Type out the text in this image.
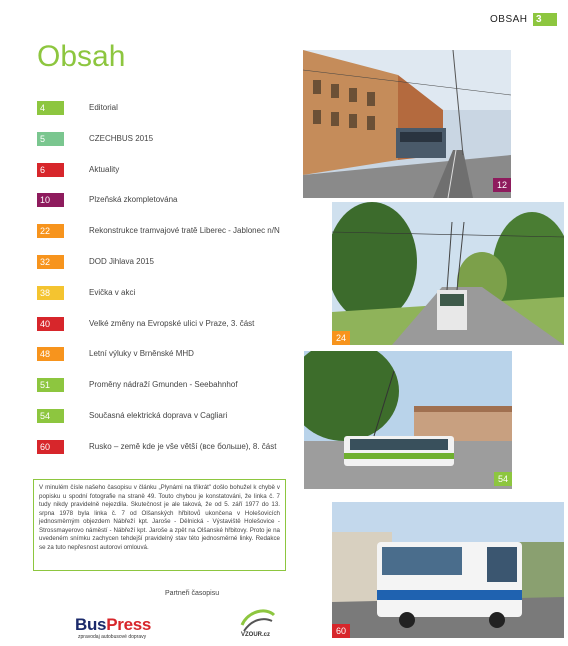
OBSAH 3
Obsah
4	Editorial
5	CZECHBUS 2015
6	Aktuality
10	Plzeňská zkompletována
22	Rekonstrukce tramvajové tratě Liberec - Jablonec n/N
32	DOD Jihlava 2015
38	Evička v akci
40	Velké změny na Evropské ulici v Praze, 3. část
48	Letní výluky v Brněnské MHD
51	Proměny nádraží Gmunden - Seebahnhof
54	Současná elektrická doprava v Cagliari
60	Rusko – země kde je vše větší (все больше), 8. část
V minulém čísle našeho časopisu v článku „Plynámi na třikrát" došlo bohužel k chybě v popisku u spodní fotografie na straně 49. Touto chybou je konstatováni, že linka č. 7 tudy nikdy pravidelně nejezdila. Skutečnost je ale taková, že od 5. září 1977 do 13. srpna 1978 byla linka č. 7 od Olšanských hřbitovů ukončena v Holešovicích jednosměrným objezdem Nábřeží kpt. Jaroše - Dělnická - Výstaviště Holešovice - Strossmayerovo náměstí - Nábřeží kpt. Jaroše a zpět na Olšanské hřbitovy. Proto je na uvedeném snímku zachycen tehdejší pravidelný stav této jednosměrné linky. Redakce se za tuto nepřesnost autorovi omlouvá.
Partneři časopisu
BusPress
zpravodaj autobusové dopravy	VZOUR.cz
12
24
54
60
